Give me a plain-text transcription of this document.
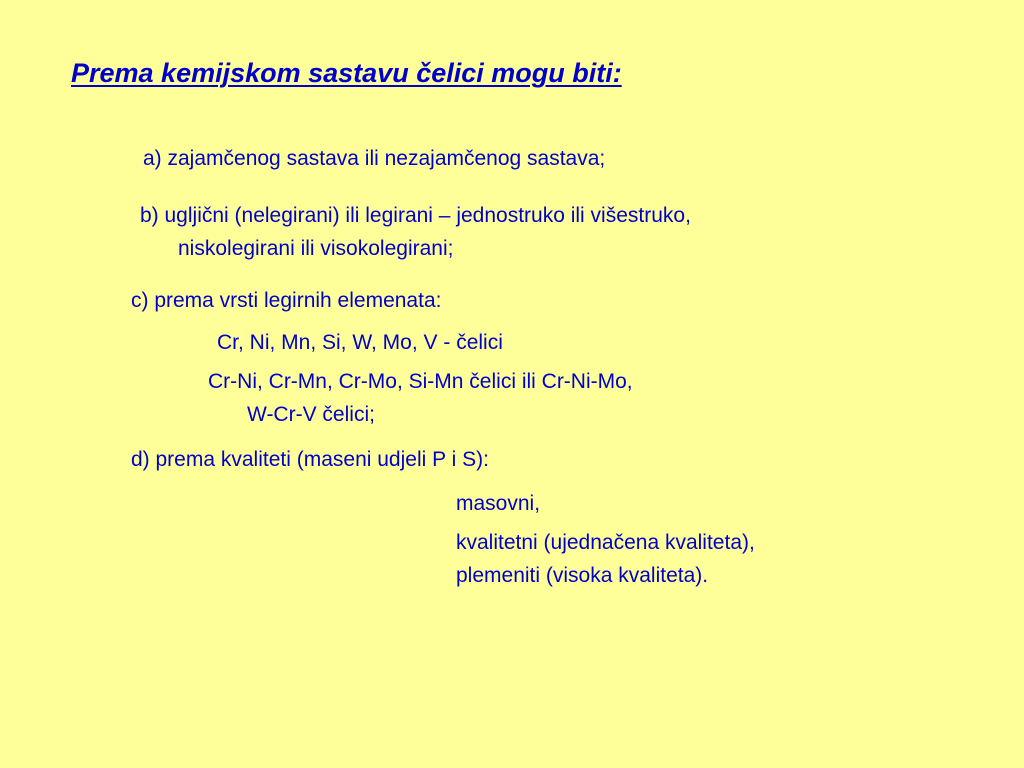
Prema kemijskom sastavu čelici mogu biti:
a) zajamčenog sastava ili nezajamčenog sastava;
b) ugljični (nelegirani) ili legirani – jednostruko ili višestruko,
niskolegirani ili visokolegirani;
c) prema vrsti legirnih elemenata:
Cr, Ni, Mn, Si, W, Mo, V - čelici
Cr-Ni, Cr-Mn, Cr-Mo, Si-Mn čelici ili Cr-Ni-Mo,
W-Cr-V čelici;
d) prema kvaliteti (maseni udjeli P i S):
masovni,
kvalitetni (ujednačena kvaliteta),
plemeniti (visoka kvaliteta).
